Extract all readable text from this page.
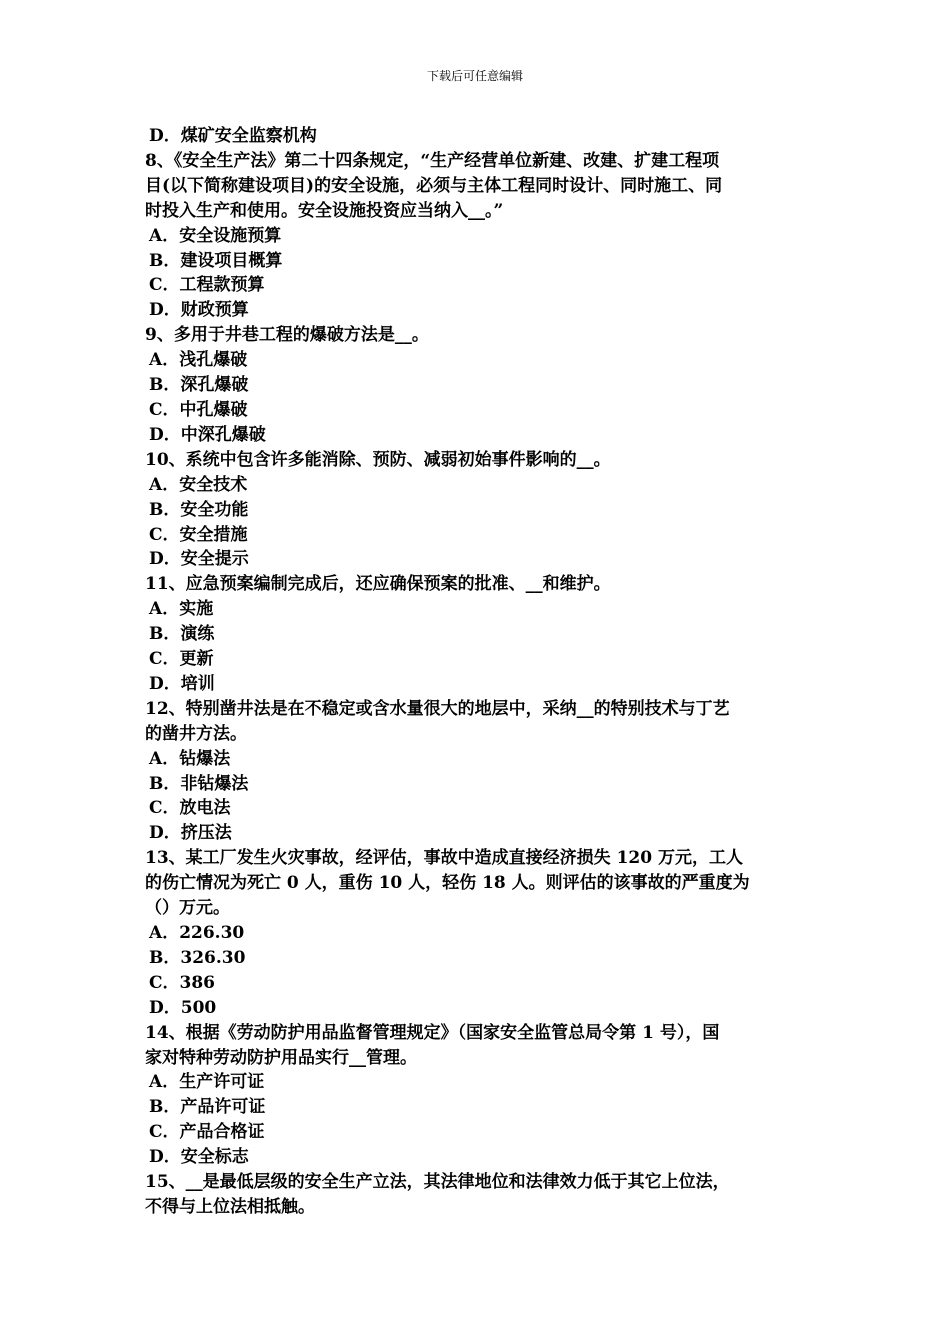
下载后可任意编辑
D．煤矿安全监察机构
8、《安全生产法》第二十四条规定，“生产经营单位新建、改建、扩建工程项
目(以下简称建设项目)的安全设施，必须与主体工程同时设计、同时施工、同
时投入生产和使用。安全设施投资应当纳入__。”
A．安全设施预算
B．建设项目概算
C．工程款预算
D．财政预算
9、多用于井巷工程的爆破方法是__。
A．浅孔爆破
B．深孔爆破
C．中孔爆破
D．中深孔爆破
10、系统中包含许多能消除、预防、减弱初始事件影响的__。
A．安全技术
B．安全功能
C．安全措施
D．安全提示
11、应急预案编制完成后，还应确保预案的批准、__和维护。
A．实施
B．演练
C．更新
D．培训
12、特别凿井法是在不稳定或含水量很大的地层中，采纳__的特别技术与丁艺
的凿井方法。
A．钻爆法
B．非钻爆法
C．放电法
D．挤压法
13、某工厂发生火灾事故，经评估，事故中造成直接经济损失 120 万元，工人
的伤亡情况为死亡 0 人，重伤 10 人，轻伤 18 人。则评估的该事故的严重度为
（）万元。
A．226.30
B．326.30
C．386
D．500
14、根据《劳动防护用品监督管理规定》（国家安全监管总局令第 1 号），国
家对特种劳动防护用品实行__管理。
A．生产许可证
B．产品许可证
C．产品合格证
D．安全标志
15、__是最低层级的安全生产立法，其法律地位和法律效力低于其它上位法，
不得与上位法相抵触。
